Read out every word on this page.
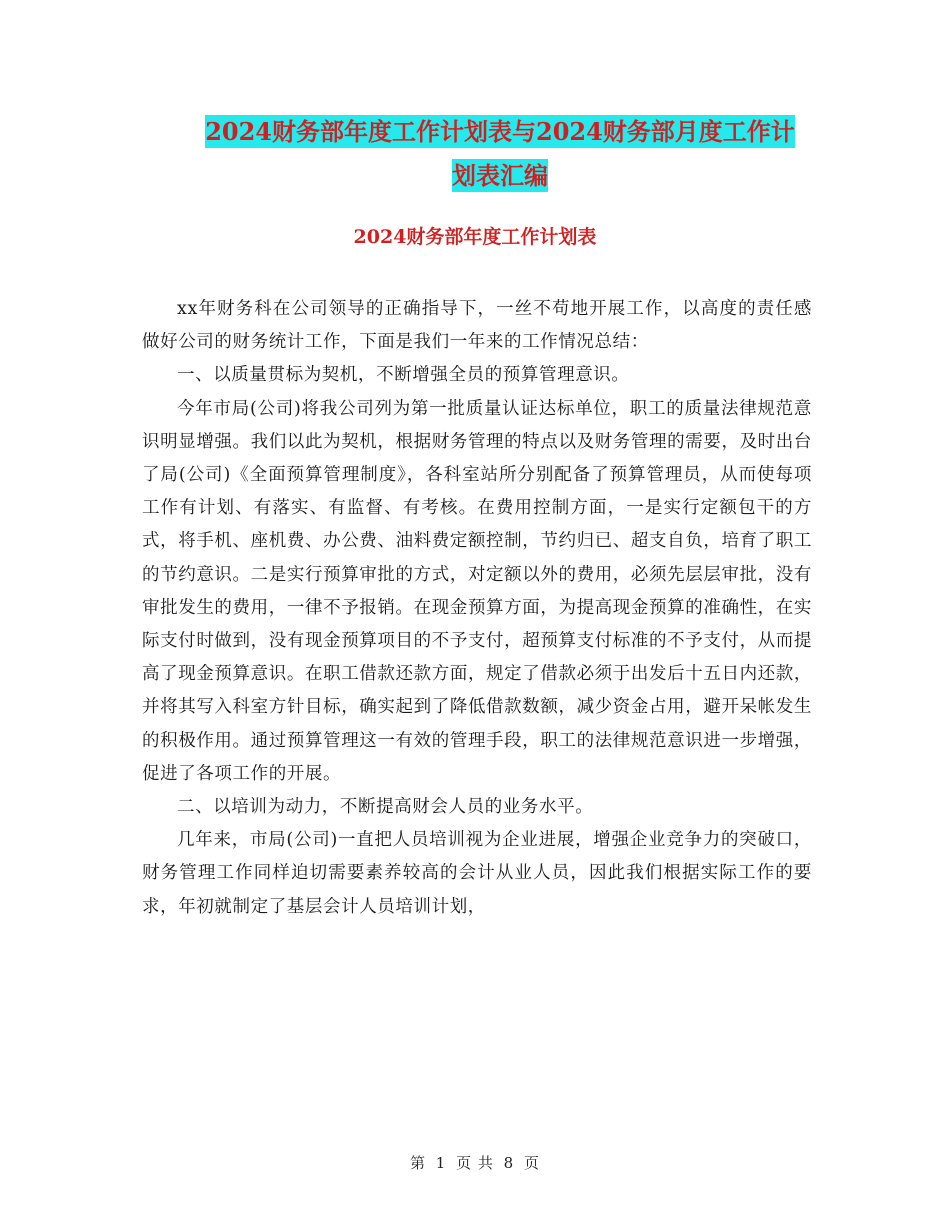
2024财务部年度工作计划表与2024财务部月度工作计
划表汇编
2024财务部年度工作计划表

xx年财务科在公司领导的正确指导下，一丝不苟地开展工作，以高度的责任感做好公司的财务统计工作，下面是我们一年来的工作情况总结：

一、以质量贯标为契机，不断增强全员的预算管理意识。

今年市局(公司)将我公司列为第一批质量认证达标单位，职工的质量法律规范意识明显增强。我们以此为契机，根据财务管理的特点以及财务管理的需要，及时出台了局(公司)《全面预算管理制度》，各科室站所分别配备了预算管理员，从而使每项工作有计划、有落实、有监督、有考核。在费用控制方面，一是实行定额包干的方式，将手机、座机费、办公费、油料费定额控制，节约归已、超支自负，培育了职工的节约意识。二是实行预算审批的方式，对定额以外的费用，必须先层层审批，没有审批发生的费用，一律不予报销。在现金预算方面，为提高现金预算的准确性，在实际支付时做到，没有现金预算项目的不予支付，超预算支付标准的不予支付，从而提高了现金预算意识。在职工借款还款方面，规定了借款必须于出发后十五日内还款，并将其写入科室方针目标，确实起到了降低借款数额，减少资金占用，避开呆帐发生的积极作用。通过预算管理这一有效的管理手段，职工的法律规范意识进一步增强，促进了各项工作的开展。

二、以培训为动力，不断提高财会人员的业务水平。

几年来，市局(公司)一直把人员培训视为企业进展，增强企业竞争力的突破口，财务管理工作同样迫切需要素养较高的会计从业人员，因此我们根据实际工作的要求，年初就制定了基层会计人员培训计划，

第 1 页 共 8 页
